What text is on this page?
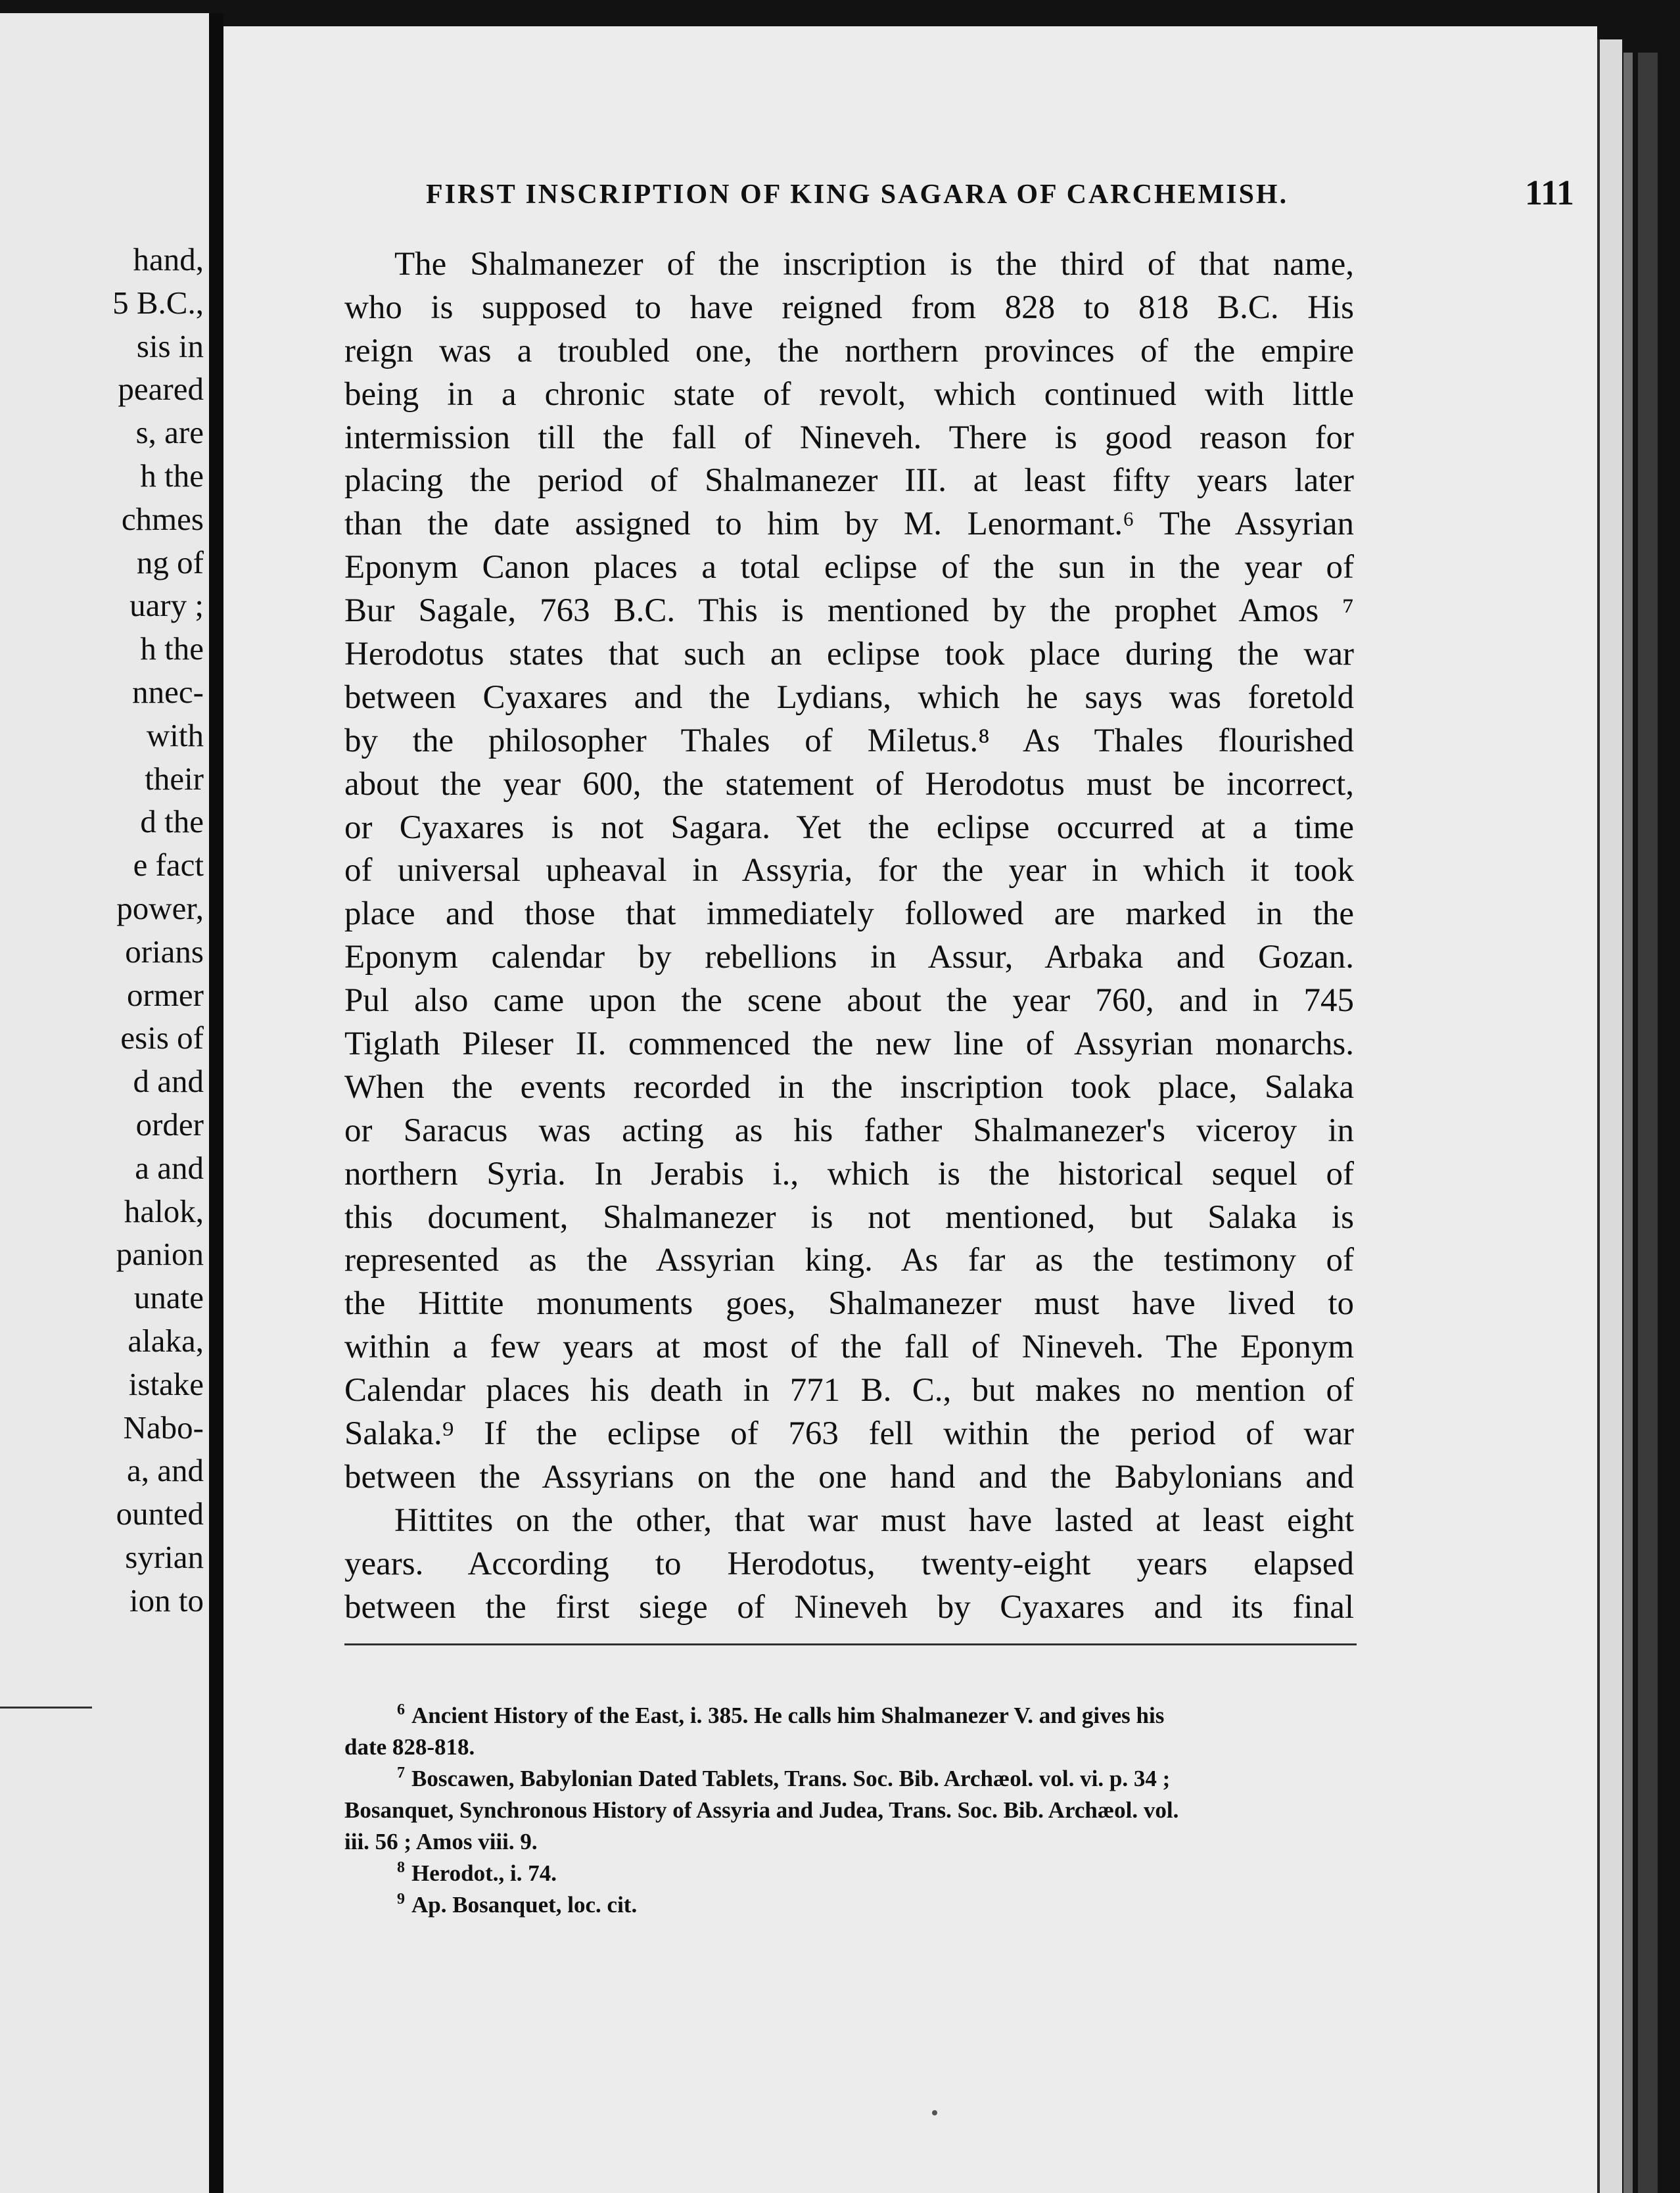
hand,
5 B.C.,
sis in
peared
s, are
h the
chmes
ng of
uary ;
h the
nnec-
with
their
d the
e fact
power,
orians
ormer
esis of
d and
order
a and
halok,
panion
unate
alaka,
istake
Nabo-
a, and
ounted
syrian
ion to
FIRST INSCRIPTION OF KING SAGARA OF CARCHEMISH.	111
The Shalmanezer of the inscription is the third of that name,
who is supposed to have reigned from 828 to 818 B.C. His
reign was a troubled one, the northern provinces of the empire
being in a chronic state of revolt, which continued with little
intermission till the fall of Nineveh. There is good reason for
placing the period of Shalmanezer III. at least fifty years later
than the date assigned to him by M. Lenormant.⁶ The Assyrian
Eponym Canon places a total eclipse of the sun in the year of
Bur Sagale, 763 B.C. This is mentioned by the prophet Amos ⁷
Herodotus states that such an eclipse took place during the war
between Cyaxares and the Lydians, which he says was foretold
by the philosopher Thales of Miletus.⁸ As Thales flourished
about the year 600, the statement of Herodotus must be incorrect,
or Cyaxares is not Sagara. Yet the eclipse occurred at a time
of universal upheaval in Assyria, for the year in which it took
place and those that immediately followed are marked in the
Eponym calendar by rebellions in Assur, Arbaka and Gozan.
Pul also came upon the scene about the year 760, and in 745
Tiglath Pileser II. commenced the new line of Assyrian monarchs.
When the events recorded in the inscription took place, Salaka
or Saracus was acting as his father Shalmanezer's viceroy in
northern Syria. In Jerabis i., which is the historical sequel of
this document, Shalmanezer is not mentioned, but Salaka is
represented as the Assyrian king. As far as the testimony of
the Hittite monuments goes, Shalmanezer must have lived to
within a few years at most of the fall of Nineveh. The Eponym
Calendar places his death in 771 B. C., but makes no mention of
Salaka.⁹ If the eclipse of 763 fell within the period of war
between the Assyrians on the one hand and the Babylonians and
Hittites on the other, that war must have lasted at least eight
years. According to Herodotus, twenty-eight years elapsed
between the first siege of Nineveh by Cyaxares and its final
$^6$ Ancient History of the East, i. 385. He calls him Shalmanezer V. and gives his
date 828-818.
$^7$ Boscawen, Babylonian Dated Tablets, Trans. Soc. Bib. Archæol. vol. vi. p. 34 ;
Bosanquet, Synchronous History of Assyria and Judea, Trans. Soc. Bib. Archæol. vol.
iii. 56 ; Amos viii. 9.
$^8$ Herodot., i. 74.
$^9$ Ap. Bosanquet, loc. cit.
